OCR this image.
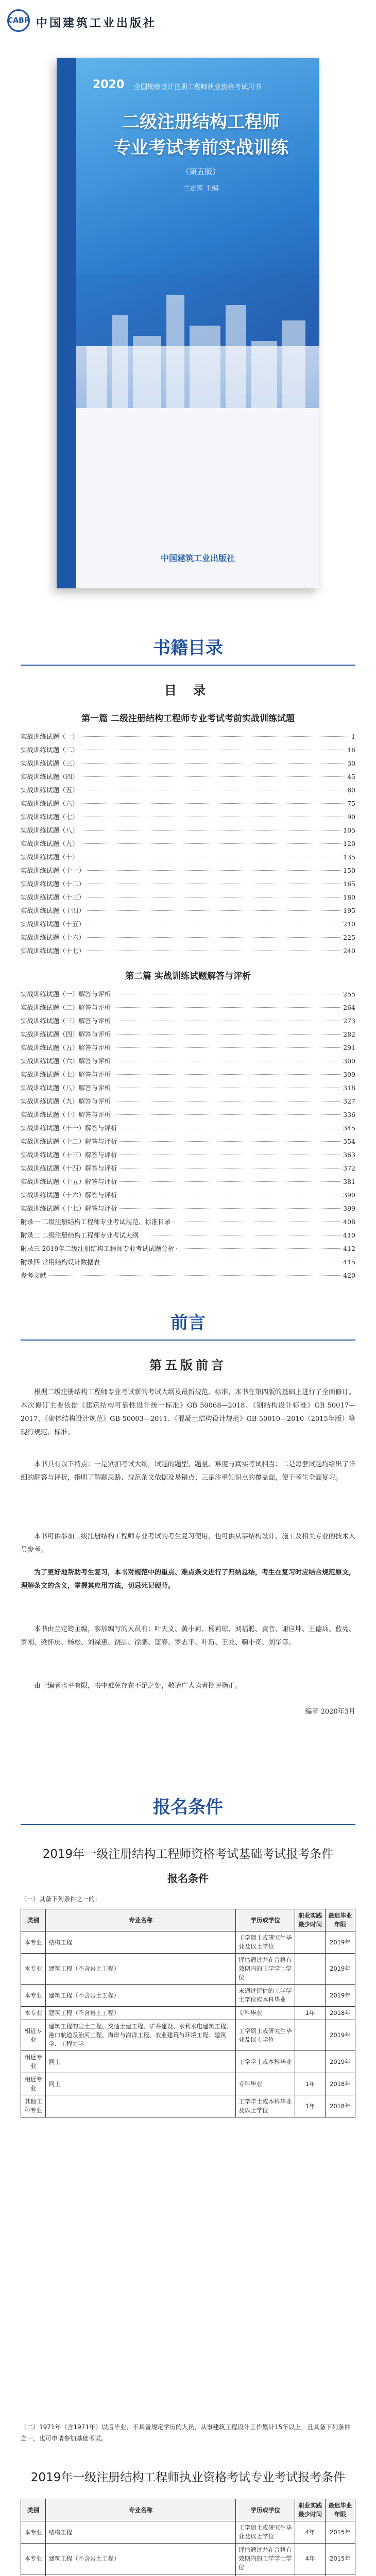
CABP 中国建筑工业出版社
2020 全国勘察设计注册工程师执业资格考试用书
二级注册结构工程师
专业考试考前实战训练
（第五版）
兰定筠 主编
中国建筑工业出版社
书籍目录
目 录
第一篇 二级注册结构工程师专业考试考前实战训练试题
实战训练试题（一）	1
实战训练试题（二）	16
实战训练试题（三）	30
实战训练试题（四）	45
实战训练试题（五）	60
实战训练试题（六）	75
实战训练试题（七）	90
实战训练试题（八）	105
实战训练试题（九）	120
实战训练试题（十）	135
实战训练试题（十一）	150
实战训练试题（十二）	165
实战训练试题（十三）	180
实战训练试题（十四）	195
实战训练试题（十五）	210
实战训练试题（十六）	225
实战训练试题（十七）	240
第二篇 实战训练试题解答与评析
实战训练试题（一）解答与评析	255
实战训练试题（二）解答与评析	264
实战训练试题（三）解答与评析	273
实战训练试题（四）解答与评析	282
实战训练试题（五）解答与评析	291
实战训练试题（六）解答与评析	300
实战训练试题（七）解答与评析	309
实战训练试题（八）解答与评析	318
实战训练试题（九）解答与评析	327
实战训练试题（十）解答与评析	336
实战训练试题（十一）解答与评析	345
实战训练试题（十二）解答与评析	354
实战训练试题（十三）解答与评析	363
实战训练试题（十四）解答与评析	372
实战训练试题（十五）解答与评析	381
实战训练试题（十六）解答与评析	390
实战训练试题（十七）解答与评析	399
附录一 二级注册结构工程师专业考试规范、标准目录	408
附录二 二级注册结构工程师专业考试大纲	410
附录三 2019年二级注册结构工程师专业考试试题分析	412
附录四 常用结构设计数据表	415
参考文献	420
前言
第五版前言
根据二级注册结构工程师专业考试新的考试大纲及最新规范、标准，本书在第四版的基础上进行了全面修订。本次修订主要依据《建筑结构可靠性设计统一标准》GB 50068—2018、《钢结构设计标准》GB 50017—2017、《砌体结构设计规范》GB 50003—2011、《混凝土结构设计规范》GB 50010—2010（2015年版）等现行规范、标准。
本书具有以下特点：一是紧扣考试大纲，试题的题型、题量、难度与真实考试相当；二是每套试题均给出了详细的解答与评析，指明了解题思路、规范条文依据及易错点；三是注重知识点的覆盖面，便于考生全面复习。
本书可供参加二级注册结构工程师专业考试的考生复习使用，也可供从事结构设计、施工及相关专业的技术人员参考。
为了更好地帮助考生复习，本书对规范中的重点、难点条文进行了归纳总结，考生在复习时应结合规范原文，理解条文的含义，掌握其应用方法，切忌死记硬背。
本书由兰定筠主编，参加编写的人员有：叶天义、黄小莉、杨莉琼、刘福聪、黄音、谢应坤、王德兵、蓝亮、罗刚、梁怀庆、杨松、刘禄惠、饶晶、徐鹏、蓝春、罗志平、叶新、王龙、鞠小奇、刘华等。
由于编者水平有限，书中难免存在不足之处，敬请广大读者批评指正。
编者 2020年3月
报名条件
2019年一级注册结构工程师资格考试基础考试报考条件
报名条件
（一）具备下列条件之一的：
类别	专业名称	学历或学位	职业实践最少时间	最迟毕业年限
本专业	结构工程	工学硕士或研究生毕业及以上学位		2019年
本专业	建筑工程（不含岩土工程）	评估通过并在合格有效期内的工学学士学位		2019年
本专业	建筑工程（不含岩土工程）	未通过评估的工学学士学位或本科毕业		2019年
本专业	建筑工程（不含岩土工程）	专科毕业	1年	2018年
相近专业	建筑工程的岩土工程、交通土建工程、矿井建设、水利水电建筑工程、港口航道及治河工程、海岸与海洋工程、农业建筑与环境工程、建筑学、工程力学	工学硕士或研究生毕业及以上学位		2019年
相近专业	同上	工学学士或本科毕业		2019年
相近专业	同上	专科毕业	1年	2018年
其他工科专业		工学学士或本科毕业及以上学位	1年	2018年
（二）1971年（含1971年）以后毕业，不具备规定学历的人员，从事建筑工程设计工作累计15年以上，且具备下列条件之一，也可申请参加基础考试。
2019年一级注册结构工程师执业资格考试专业考试报考条件
类别	专业名称	学历或学位	职业实践最少时间	最迟毕业年限
本专业	结构工程	工学硕士或研究生毕业及以上学位	4年	2015年
本专业	建筑工程（不含岩土工程）	评估通过并在合格有效期内的工学学士学位	4年	2015年
